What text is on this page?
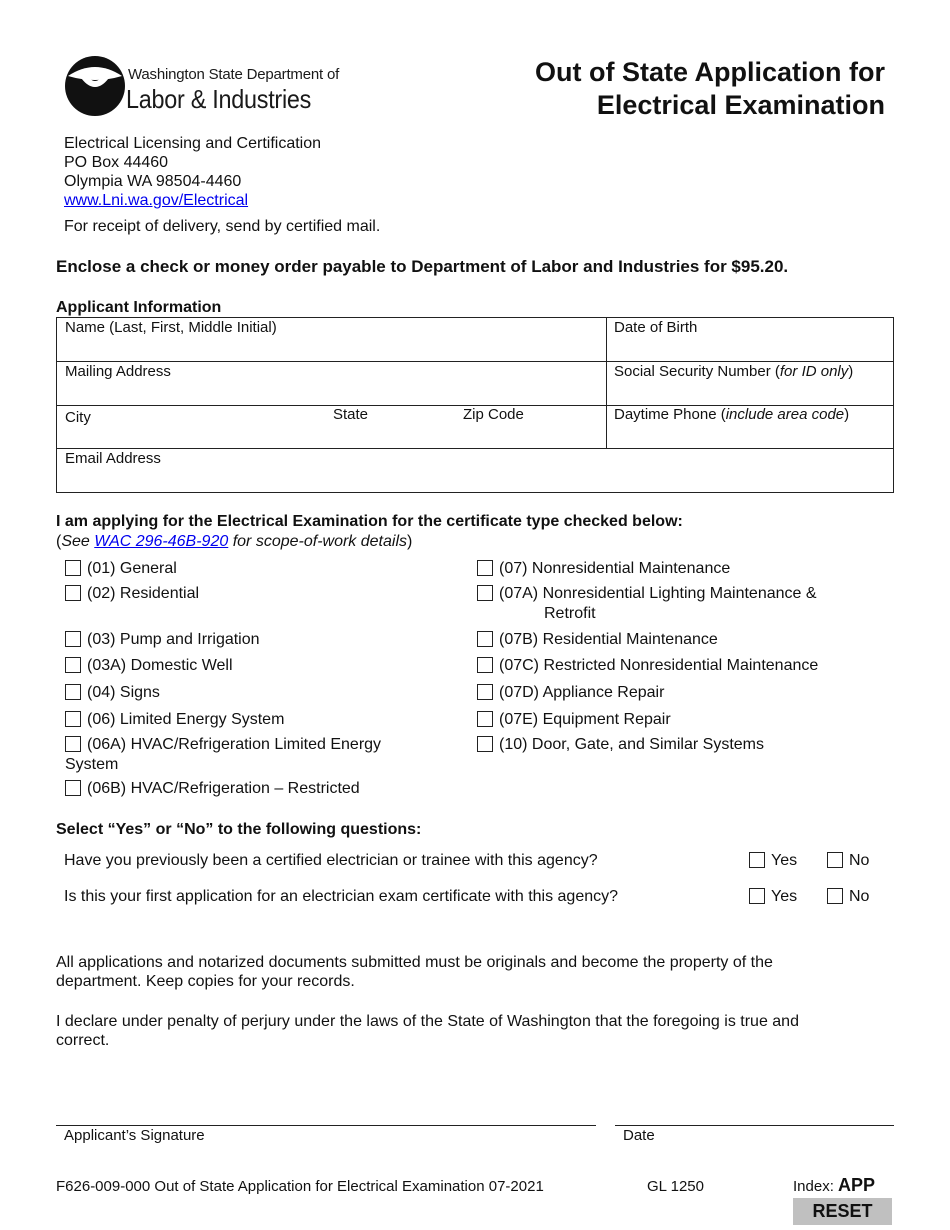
Washington State Department of
Labor & Industries
Out of State Application for
Electrical Examination
Electrical Licensing and Certification
PO Box 44460
Olympia WA 98504-4460
www.Lni.wa.gov/Electrical
For receipt of delivery, send by certified mail.
Enclose a check or money order payable to Department of Labor and Industries for $95.20.
Applicant Information
Name (Last, First, Middle Initial)	Date of Birth
Mailing Address	Social Security Number (for ID only)
City	State	Zip Code	Daytime Phone (include area code)
Email Address
I am applying for the Electrical Examination for the certificate type checked below:
(See WAC 296-46B-920 for scope-of-work details)
(01) General
(02) Residential
(03) Pump and Irrigation
(03A) Domestic Well
(04) Signs
(06) Limited Energy System
(06A) HVAC/Refrigeration Limited Energy
System
(06B) HVAC/Refrigeration – Restricted
(07) Nonresidential Maintenance
(07A) Nonresidential Lighting Maintenance &
Retrofit
(07B) Residential Maintenance
(07C) Restricted Nonresidential Maintenance
(07D) Appliance Repair
(07E) Equipment Repair
(10) Door, Gate, and Similar Systems
Select “Yes” or “No” to the following questions:
Have you previously been a certified electrician or trainee with this agency?	Yes	No
Is this your first application for an electrician exam certificate with this agency?	Yes	No
All applications and notarized documents submitted must be originals and become the property of the department. Keep copies for your records.
I declare under penalty of perjury under the laws of the State of Washington that the foregoing is true and correct.
Applicant’s Signature	Date
F626-009-000 Out of State Application for Electrical Examination 07-2021	GL 1250	Index: APP
RESET
